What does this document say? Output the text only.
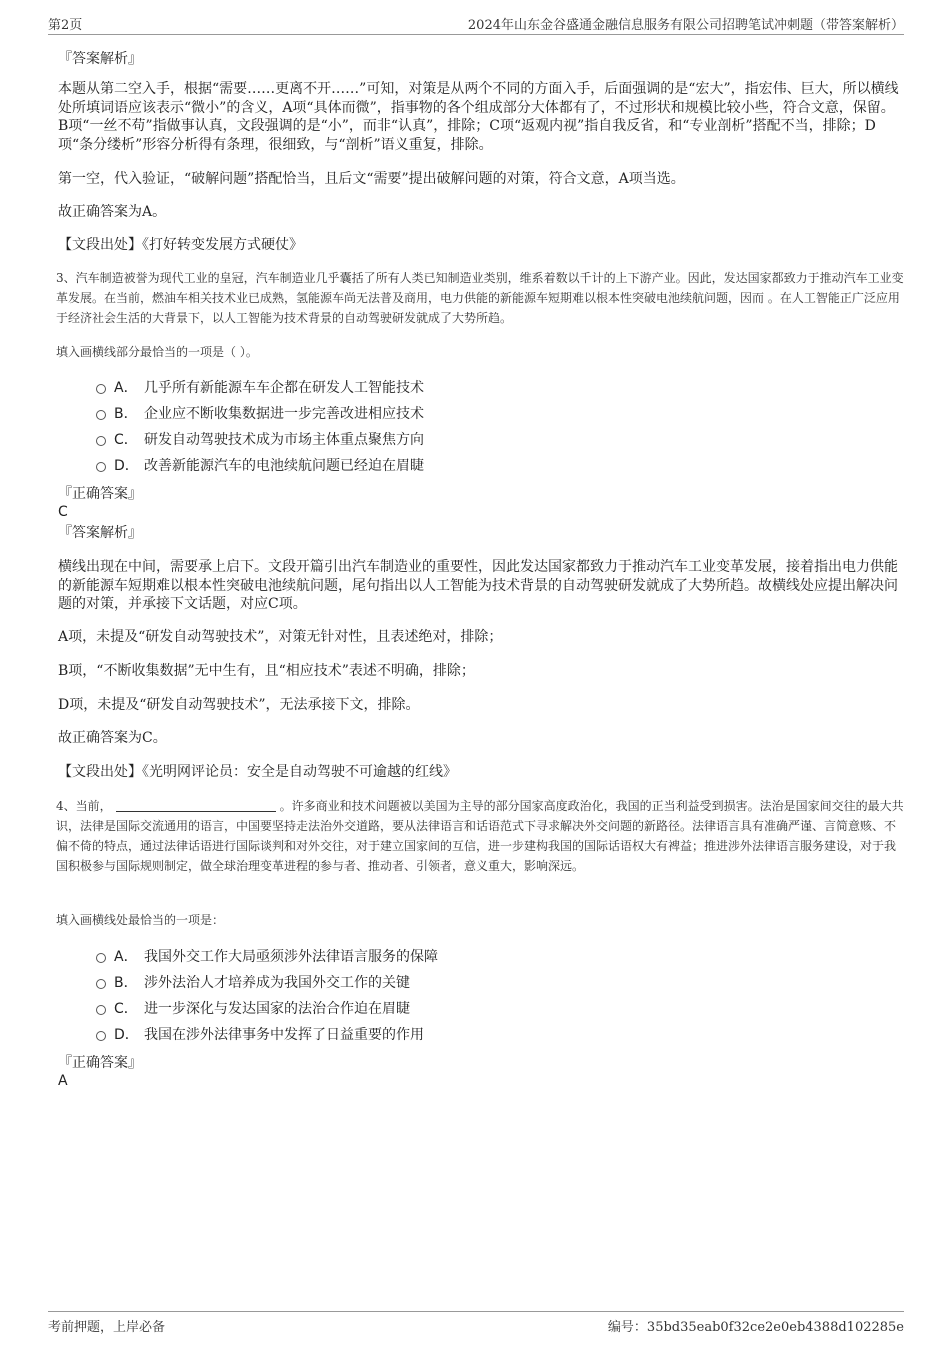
第2页	2024年山东金谷盛通金融信息服务有限公司招聘笔试冲刺题（带答案解析）
『答案解析』
本题从第二空入手，根据“需要……更离不开……”可知，对策是从两个不同的方面入手，后面强调的是“宏大”，指宏伟、巨大，所以横线处所填词语应该表示“微小”的含义，A项“具体而微”，指事物的各个组成部分大体都有了，不过形状和规模比较小些，符合文意，保留。B项“一丝不苟”指做事认真，文段强调的是“小”，而非“认真”，排除；C项“返观内视”指自我反省，和“专业剖析”搭配不当，排除；D项“条分缕析”形容分析得有条理，很细致，与“剖析”语义重复，排除。
第一空，代入验证，“破解问题”搭配恰当，且后文“需要”提出破解问题的对策，符合文意，A项当选。
故正确答案为A。
【文段出处】《打好转变发展方式硬仗》
3、汽车制造被誉为现代工业的皇冠，汽车制造业几乎囊括了所有人类已知制造业类别，维系着数以千计的上下游产业。因此，发达国家都致力于推动汽车工业变革发展。在当前，燃油车相关技术业已成熟，氢能源车尚无法普及商用，电力供能的新能源车短期难以根本性突破电池续航问题，因而 。在人工智能正广泛应用于经济社会生活的大背景下，以人工智能为技术背景的自动驾驶研发就成了大势所趋。
填入画横线部分最恰当的一项是（ ）。
A． 几乎所有新能源车车企都在研发人工智能技术
B． 企业应不断收集数据进一步完善改进相应技术
C． 研发自动驾驶技术成为市场主体重点聚焦方向
D． 改善新能源汽车的电池续航问题已经迫在眉睫
『正确答案』
C
『答案解析』
横线出现在中间，需要承上启下。文段开篇引出汽车制造业的重要性，因此发达国家都致力于推动汽车工业变革发展，接着指出电力供能的新能源车短期难以根本性突破电池续航问题，尾句指出以人工智能为技术背景的自动驾驶研发就成了大势所趋。故横线处应提出解决问题的对策，并承接下文话题，对应C项。
A项，未提及“研发自动驾驶技术”，对策无针对性，且表述绝对，排除；
B项，“不断收集数据”无中生有，且“相应技术”表述不明确，排除；
D项，未提及“研发自动驾驶技术”，无法承接下文，排除。
故正确答案为C。
【文段出处】《光明网评论员：安全是自动驾驶不可逾越的红线》
4、当前，	。许多商业和技术问题被以美国为主导的部分国家高度政治化，我国的正当利益受到损害。法治是国家间交往的最大共识，法律是国际交流通用的语言，中国要坚持走法治外交道路，要从法律语言和话语范式下寻求解决外交问题的新路径。法律语言具有准确严谨、言简意赅、不偏不倚的特点，通过法律话语进行国际谈判和对外交往，对于建立国家间的互信，进一步建构我国的国际话语权大有裨益；推进涉外法律语言服务建设，对于我国积极参与国际规则制定，做全球治理变革进程的参与者、推动者、引领者，意义重大，影响深远。
填入画横线处最恰当的一项是：
A． 我国外交工作大局亟须涉外法律语言服务的保障
B． 涉外法治人才培养成为我国外交工作的关键
C． 进一步深化与发达国家的法治合作迫在眉睫
D． 我国在涉外法律事务中发挥了日益重要的作用
『正确答案』
A
考前押题，上岸必备	编号：35bd35eab0f32ce2e0eb4388d102285e
